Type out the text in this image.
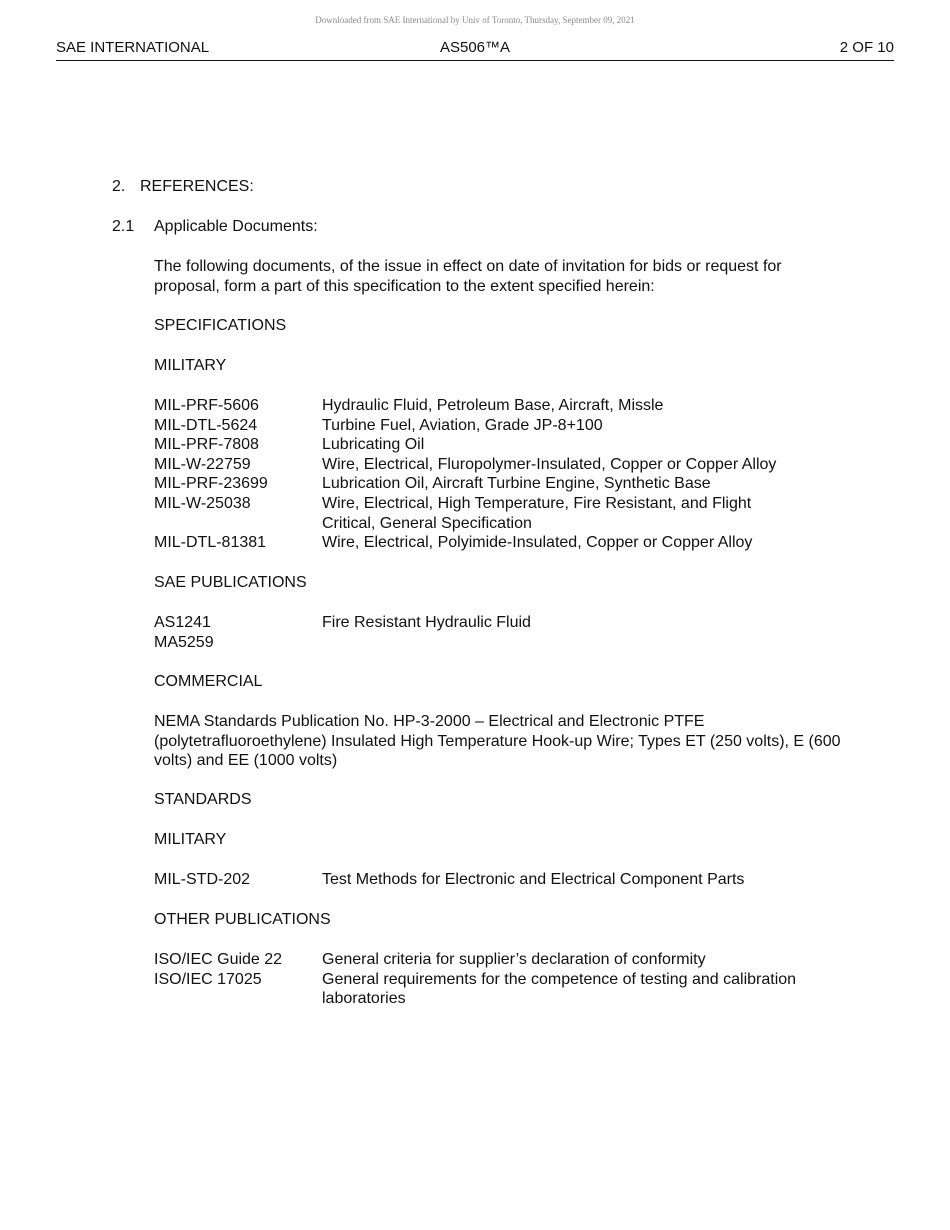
Downloaded from SAE International by Univ of Toronto, Thursday, September 09, 2021
SAE INTERNATIONAL	AS506™A	2 OF 10
2. REFERENCES:
2.1 Applicable Documents:
The following documents, of the issue in effect on date of invitation for bids or request for proposal, form a part of this specification to the extent specified herein:
SPECIFICATIONS
MILITARY
MIL-PRF-5606	Hydraulic Fluid, Petroleum Base, Aircraft, Missle
MIL-DTL-5624	Turbine Fuel, Aviation, Grade JP-8+100
MIL-PRF-7808	Lubricating Oil
MIL-W-22759	Wire, Electrical, Fluropolymer-Insulated, Copper or Copper Alloy
MIL-PRF-23699	Lubrication Oil, Aircraft Turbine Engine, Synthetic Base
MIL-W-25038	Wire, Electrical, High Temperature, Fire Resistant, and Flight Critical, General Specification
MIL-DTL-81381	Wire, Electrical, Polyimide-Insulated, Copper or Copper Alloy
SAE PUBLICATIONS
AS1241	Fire Resistant Hydraulic Fluid
MA5259
COMMERCIAL
NEMA Standards Publication No. HP-3-2000 – Electrical and Electronic PTFE (polytetrafluoroethylene) Insulated High Temperature Hook-up Wire; Types ET (250 volts), E (600 volts) and EE (1000 volts)
STANDARDS
MILITARY
MIL-STD-202	Test Methods for Electronic and Electrical Component Parts
OTHER PUBLICATIONS
ISO/IEC Guide 22	General criteria for supplier’s declaration of conformity
ISO/IEC 17025	General requirements for the competence of testing and calibration laboratories
